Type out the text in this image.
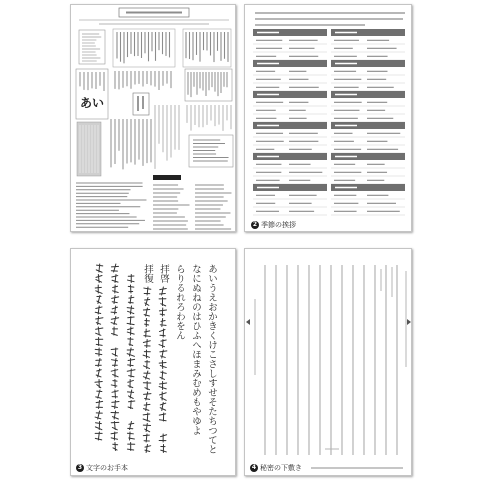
あい
2 季節の挨拶
あいうえおかきくけこさしすせそたちつてと
なにぬねのはひふへほまみむめもやゆよ
らりるれろわをん
拝啓
拝復
3 文字のお手本	4 秘密の下敷き
